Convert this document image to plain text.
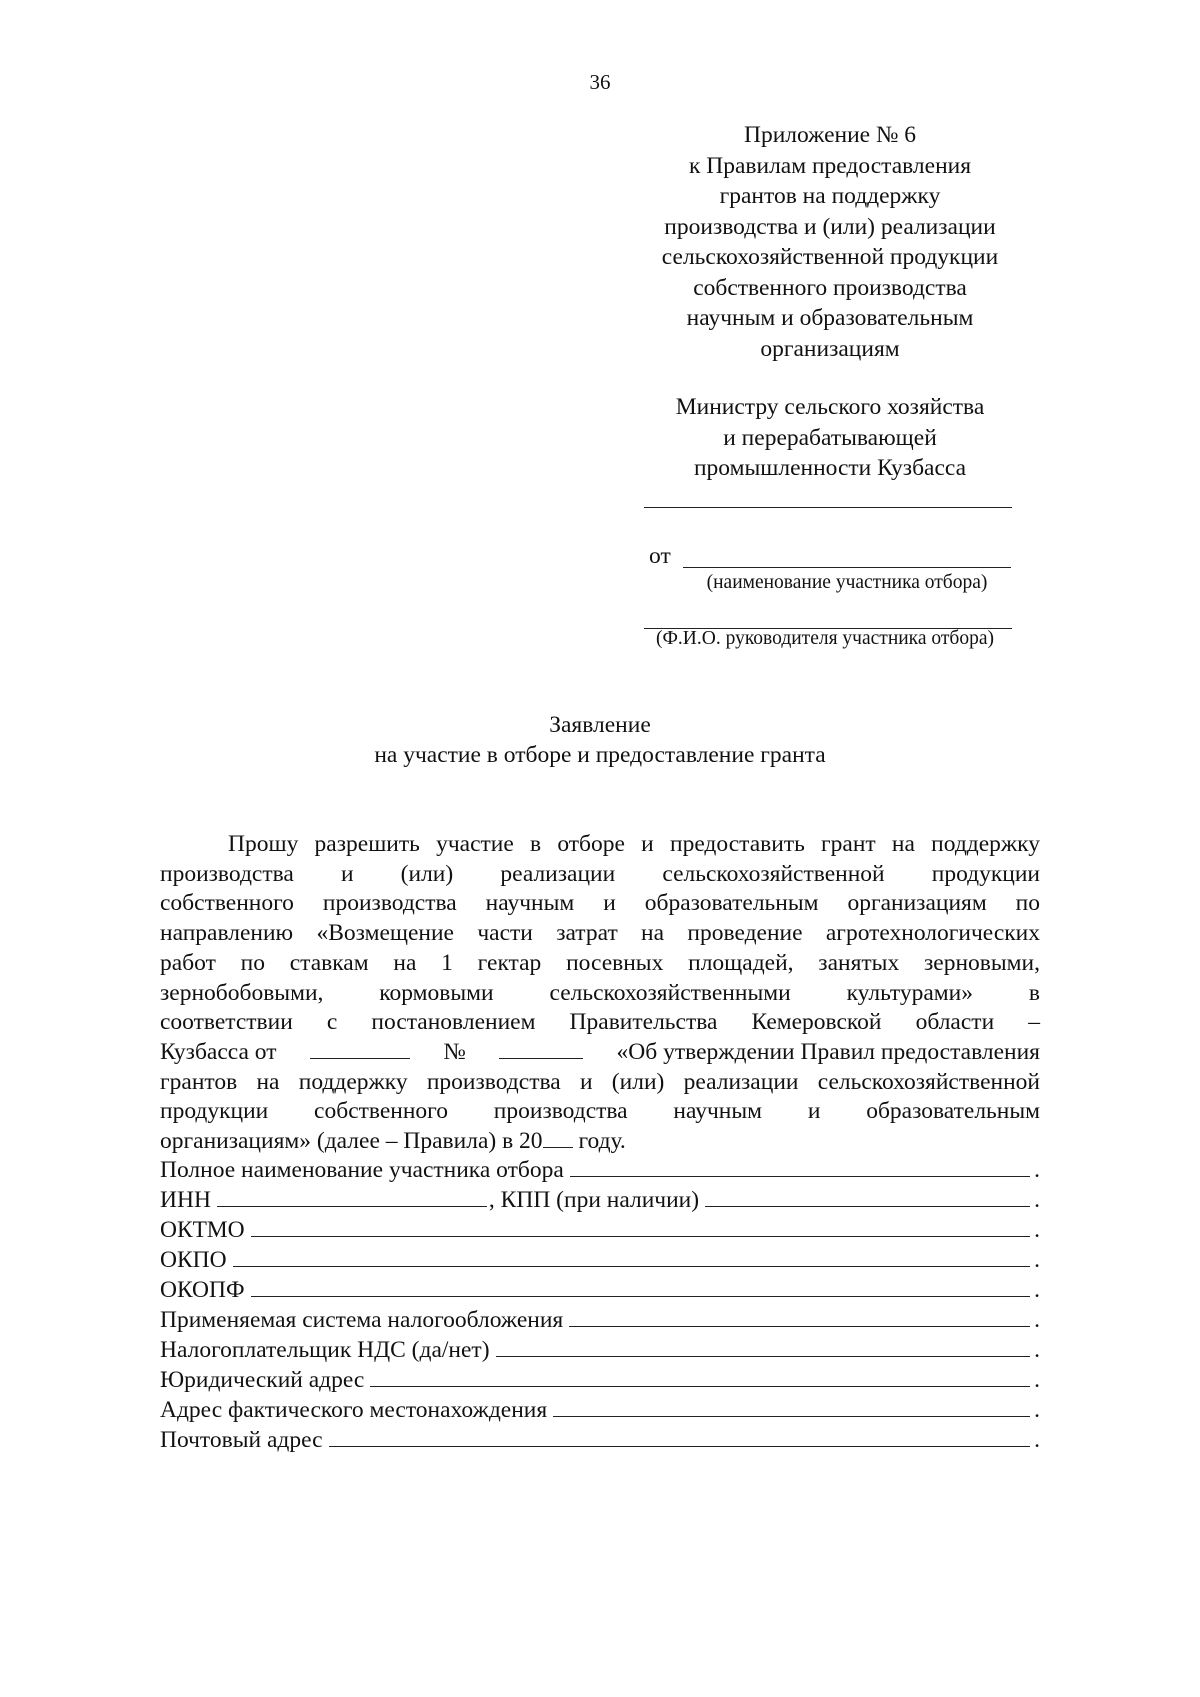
36
Приложение № 6
к Правилам предоставления
грантов на поддержку
производства и (или) реализации
сельскохозяйственной продукции
собственного производства
научным и образовательным
организациям
Министру сельского хозяйства
и перерабатывающей
промышленности Кузбасса
от
(наименование участника отбора)
(Ф.И.О. руководителя участника отбора)
Заявление
на участие в отборе и предоставление гранта
Прошу разрешить участие в отборе и предоставить грант на поддержку
производства и (или) реализации сельскохозяйственной продукции
собственного производства научным и образовательным организациям по
направлению «Возмещение части затрат на проведение агротехнологических
работ по ставкам на 1 гектар посевных площадей, занятых зерновыми,
зернобобовыми, кормовыми сельскохозяйственными культурами» в
соответствии с постановлением Правительства Кемеровской области –
Кузбасса от	№	«Об утверждении Правил предоставления
грантов на поддержку производства и (или) реализации сельскохозяйственной
продукции собственного производства научным и образовательным
организациям» (далее – Правила) в 20 году.
Полное наименование участника отбора	.
ИНН	, КПП (при наличии)	.
ОКТМО	.
ОКПО	.
ОКОПФ	.
Применяемая система налогообложения	.
Налогоплательщик НДС (да/нет)	.
Юридический адрес	.
Адрес фактического местонахождения	.
Почтовый адрес	.
